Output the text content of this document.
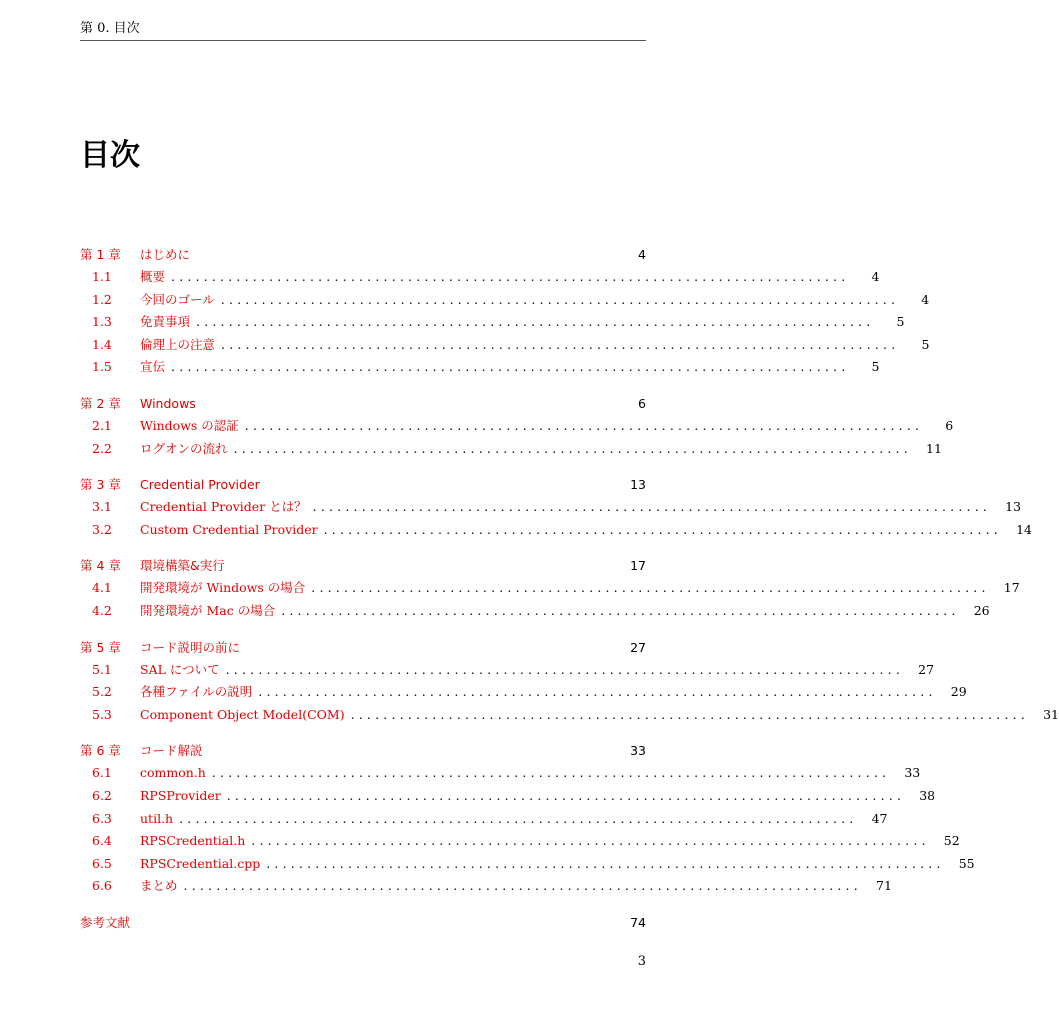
第 0. 目次
目次
第 1 章	はじめに	4
1.1	概要 ...................................................................................	4
1.2	今回のゴール ...................................................................................	4
1.3	免責事項 ...................................................................................	5
1.4	倫理上の注意 ...................................................................................	5
1.5	宣伝 ...................................................................................	5
第 2 章	Windows	6
2.1	Windows の認証 ...................................................................................	6
2.2	ログオンの流れ ...................................................................................	11
第 3 章	Credential Provider	13
3.1	Credential Provider とは？ ...................................................................................	13
3.2	Custom Credential Provider ...................................................................................	14
第 4 章	環境構築&実行	17
4.1	開発環境が Windows の場合 ...................................................................................	17
4.2	開発環境が Mac の場合 ...................................................................................	26
第 5 章	コード説明の前に	27
5.1	SAL について ...................................................................................	27
5.2	各種ファイルの説明 ...................................................................................	29
5.3	Component Object Model(COM) ...................................................................................	31
第 6 章	コード解説	33
6.1	common.h ...................................................................................	33
6.2	RPSProvider ...................................................................................	38
6.3	util.h ...................................................................................	47
6.4	RPSCredential.h ...................................................................................	52
6.5	RPSCredential.cpp ...................................................................................	55
6.6	まとめ ...................................................................................	71
参考文献	74
3
